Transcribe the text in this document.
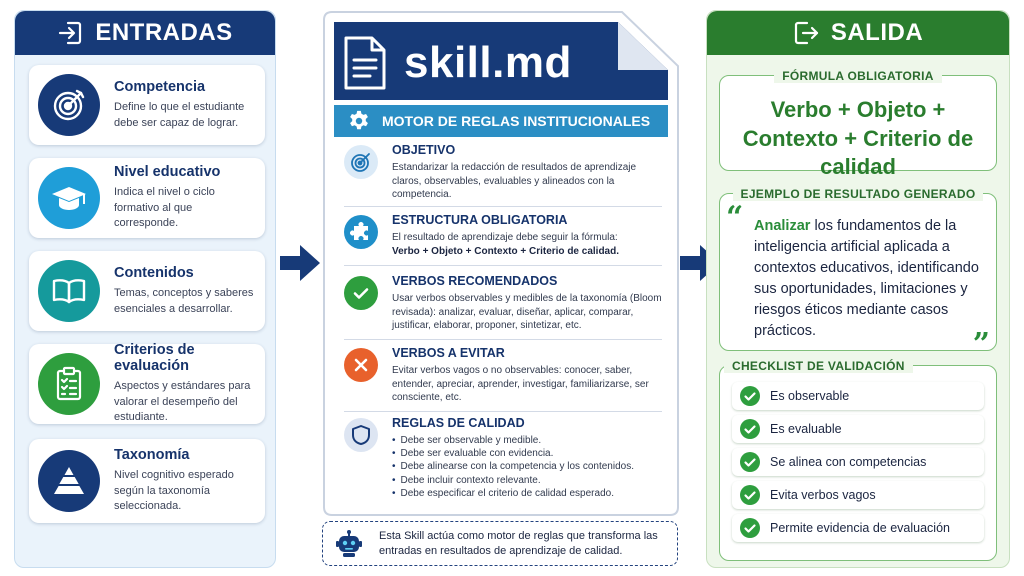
ENTRADAS
Competencia
Define lo que el estudiante debe ser capaz de lograr.
Nivel educativo
Indica el nivel o ciclo formativo al que corresponde.
Contenidos
Temas, conceptos y saberes esenciales a desarrollar.
Criterios de evaluación
Aspectos y estándares para valorar el desempeño del estudiante.
Taxonomía
Nivel cognitivo esperado según la taxonomía seleccionada.
skill.md
MOTOR DE REGLAS INSTITUCIONALES
OBJETIVO
Estandarizar la redacción de resultados de aprendizaje claros, observables, evaluables y alineados con la competencia.
ESTRUCTURA OBLIGATORIA
El resultado de aprendizaje debe seguir la fórmula:
Verbo + Objeto + Contexto + Criterio de calidad.
VERBOS RECOMENDADOS
Usar verbos observables y medibles de la taxonomía (Bloom revisada): analizar, evaluar, diseñar, aplicar, comparar, justificar, elaborar, proponer, sintetizar, etc.
VERBOS A EVITAR
Evitar verbos vagos o no observables: conocer, saber, entender, apreciar, aprender, investigar, familiarizarse, ser consciente, etc.
REGLAS DE CALIDAD
• Debe ser observable y medible.
• Debe ser evaluable con evidencia.
• Debe alinearse con la competencia y los contenidos.
• Debe incluir contexto relevante.
• Debe especificar el criterio de calidad esperado.
Esta Skill actúa como motor de reglas que transforma las entradas en resultados de aprendizaje de calidad.
SALIDA
FÓRMULA OBLIGATORIA
Verbo + Objeto +
Contexto + Criterio de calidad
EJEMPLO DE RESULTADO GENERADO
“ Analizar los fundamentos de la inteligencia artificial aplicada a contextos educativos, identificando sus oportunidades, limitaciones y riesgos éticos mediante casos prácticos.	”
CHECKLIST DE VALIDACIÓN
Es observable
Es evaluable
Se alinea con competencias
Evita verbos vagos
Permite evidencia de evaluación
